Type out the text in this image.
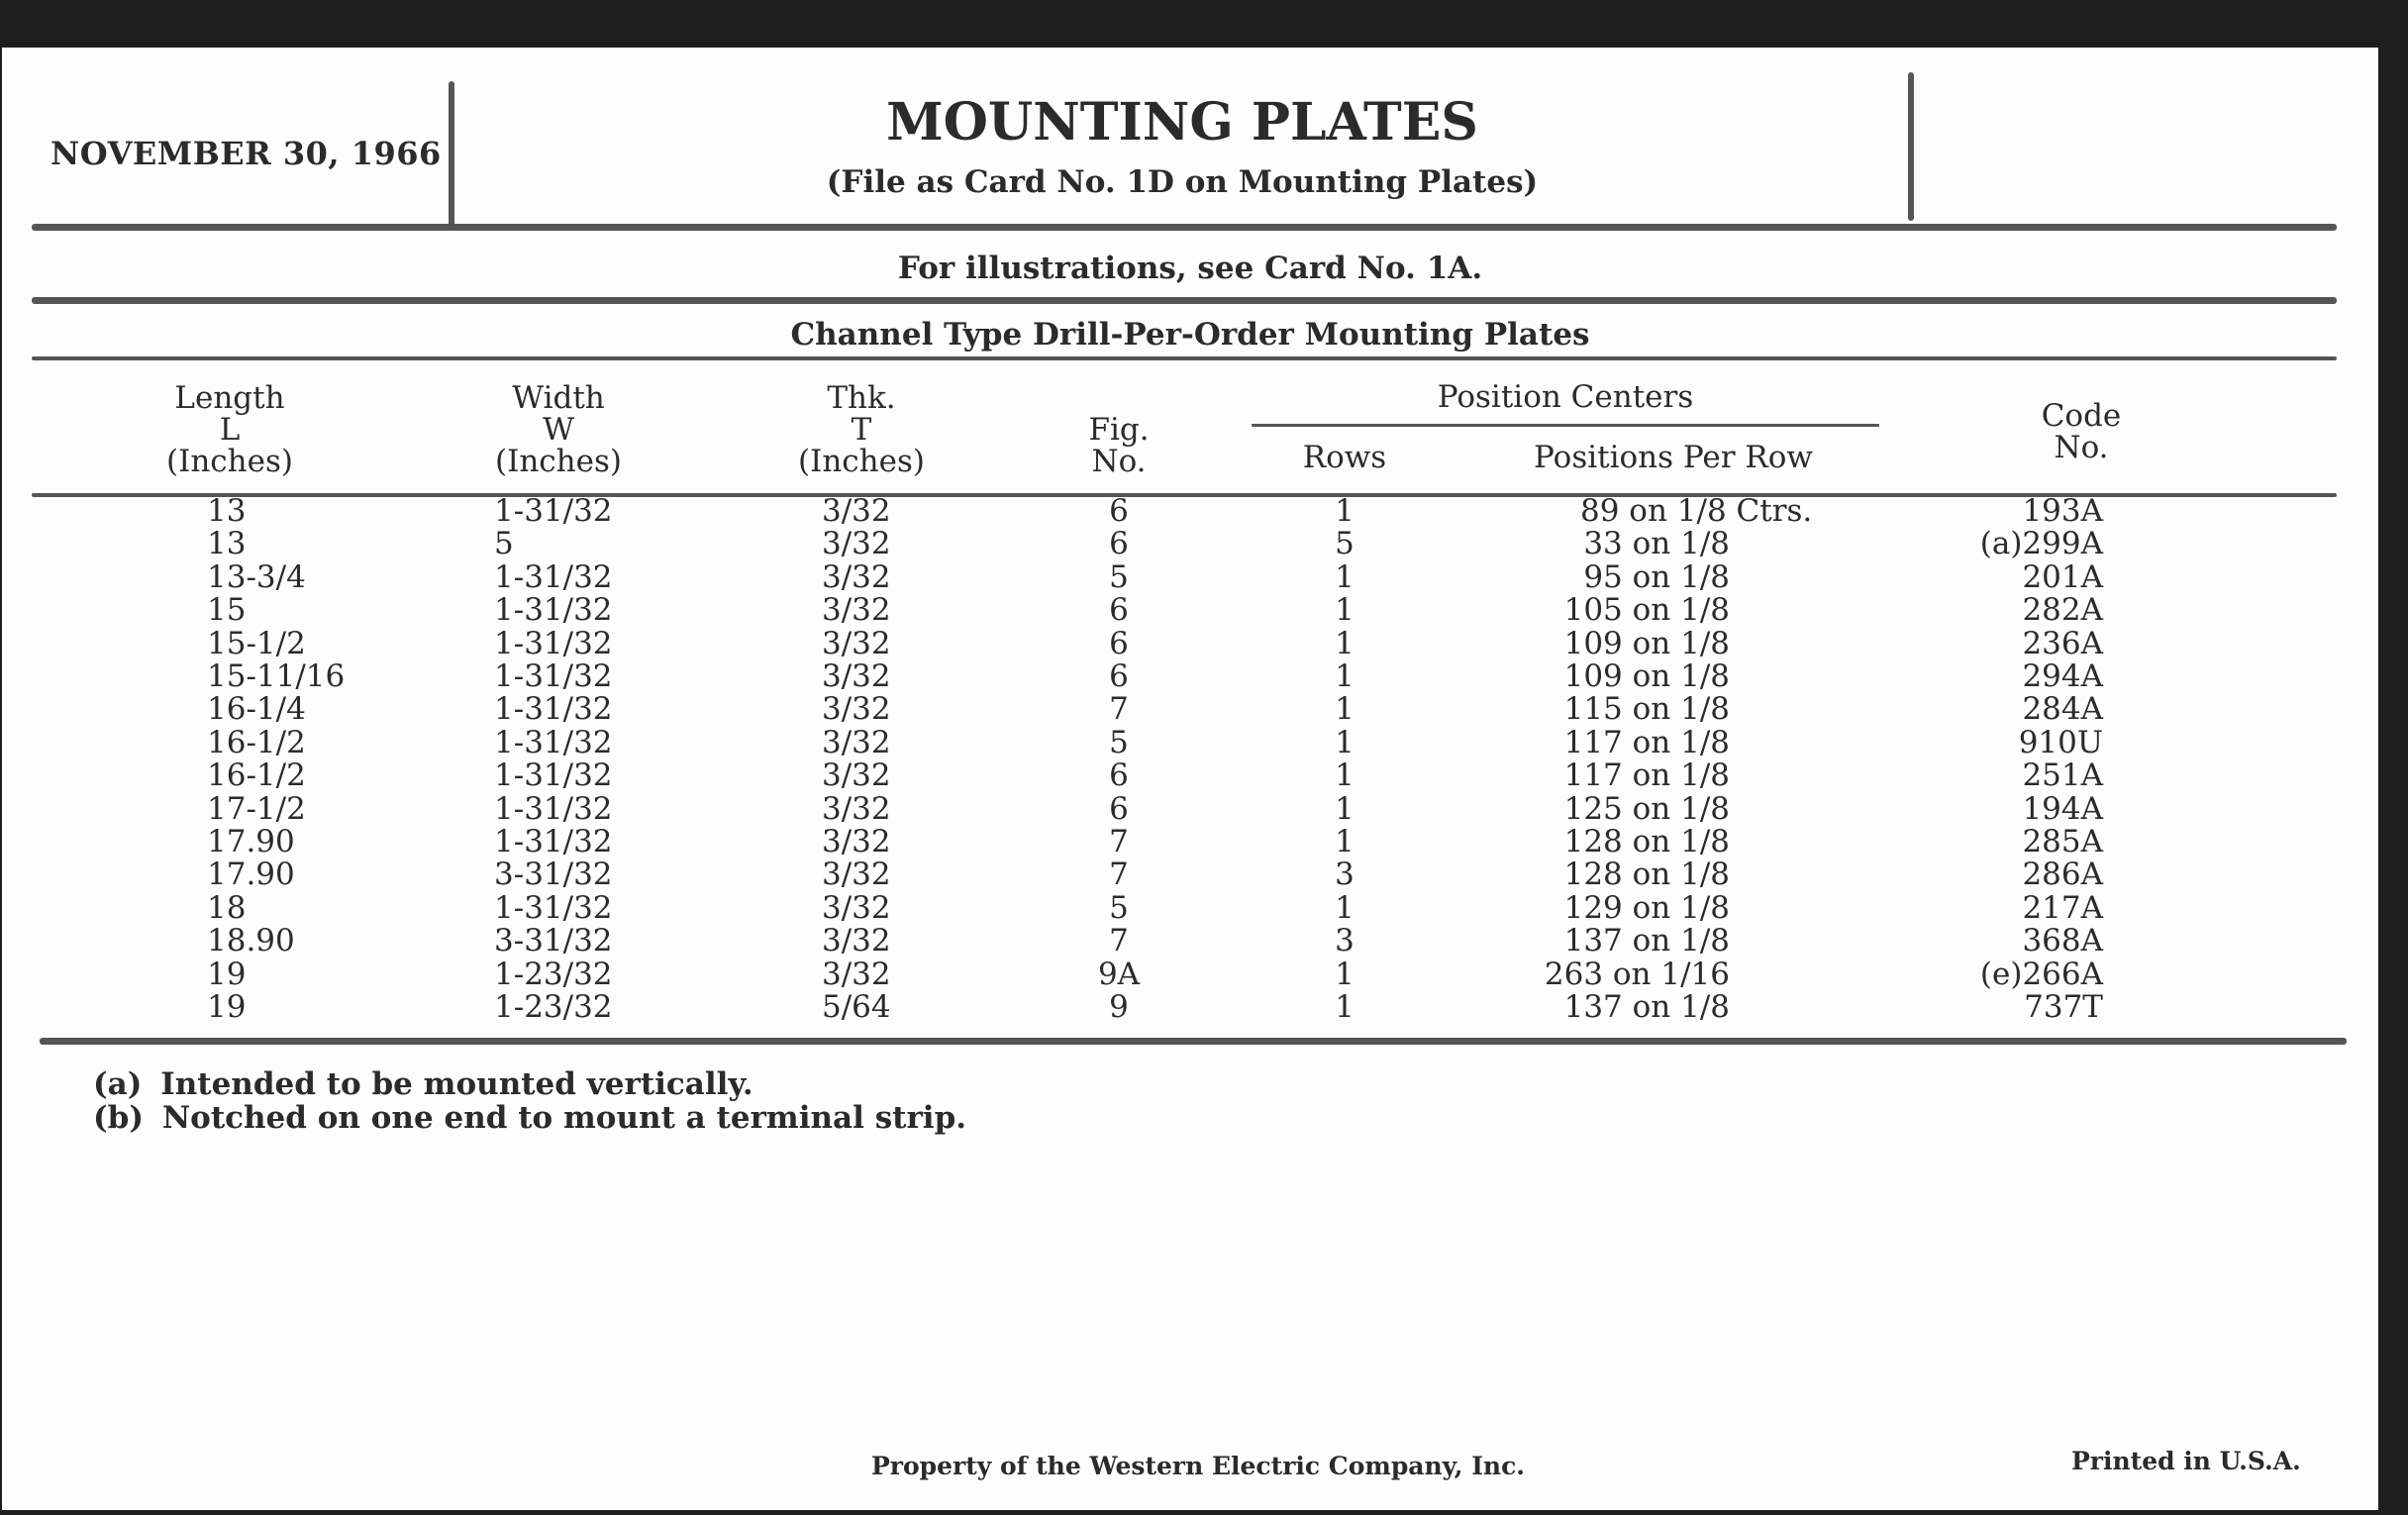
NOVEMBER 30, 1966
MOUNTING PLATES
(File as Card No. 1D on Mounting Plates)
For illustrations, see Card No. 1A.
Channel Type Drill-Per-Order Mounting Plates
Length
L
(Inches)
Width
W
(Inches)
Thk.
T
(Inches)
Fig.
No.
Position Centers
Rows	Positions Per Row
Code
No.
13	1-31/32	3/32	6	1	89 on 1/8 Ctrs.	193A
13	5	3/32	6	5	33 on 1/8	(a)299A
13-3/4	1-31/32	3/32	5	1	95 on 1/8	201A
15	1-31/32	3/32	6	1	105 on 1/8	282A
15-1/2	1-31/32	3/32	6	1	109 on 1/8	236A
15-11/16	1-31/32	3/32	6	1	109 on 1/8	294A
16-1/4	1-31/32	3/32	7	1	115 on 1/8	284A
16-1/2	1-31/32	3/32	5	1	117 on 1/8	910U
16-1/2	1-31/32	3/32	6	1	117 on 1/8	251A
17-1/2	1-31/32	3/32	6	1	125 on 1/8	194A
17.90	1-31/32	3/32	7	1	128 on 1/8	285A
17.90	3-31/32	3/32	7	3	128 on 1/8	286A
18	1-31/32	3/32	5	1	129 on 1/8	217A
18.90	3-31/32	3/32	7	3	137 on 1/8	368A
19	1-23/32	3/32	9A	1	263 on 1/16	(e)266A
19	1-23/32	5/64	9	1	137 on 1/8	737T
(a) Intended to be mounted vertically.
(b) Notched on one end to mount a terminal strip.
Property of the Western Electric Company, Inc.	Printed in U.S.A.
